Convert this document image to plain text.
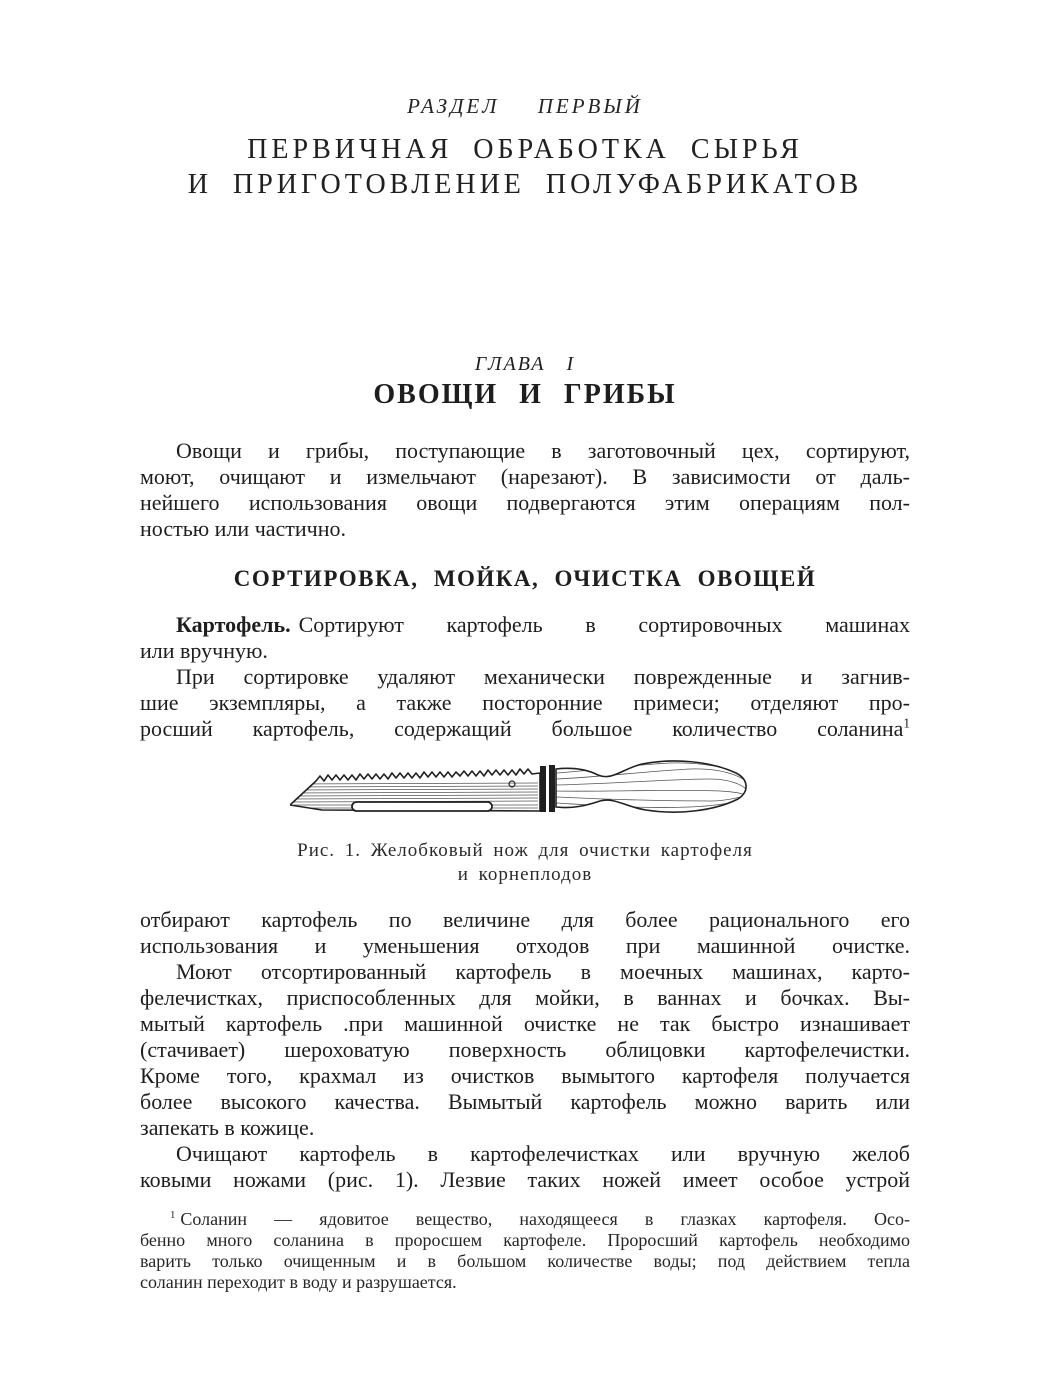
РАЗДЕЛ ПЕРВЫЙ
ПЕРВИЧНАЯ ОБРАБОТКА СЫРЬЯ
И ПРИГОТОВЛЕНИЕ ПОЛУФАБРИКАТОВ
ГЛАВА I
ОВОЩИ И ГРИБЫ
Овощи и грибы, поступающие в заготовочный цех, сортируют,
моют, очищают и измельчают (нарезают). В зависимости от даль-
нейшего использования овощи подвергаются этим операциям пол-
ностью или частично.
СОРТИРОВКА, МОЙКА, ОЧИСТКА ОВОЩЕЙ
Картофель. Сортируют картофель в сортировочных машинах
или вручную.
При сортировке удаляют механически поврежденные и загнив-
шие экземпляры, а также посторонние примеси; отделяют про-
росший картофель, содержащий большое количество соланина$^1$
Рис. 1. Желобковый нож для очистки картофеля
и корнеплодов
отбирают картофель по величине для более рационального его
использования и уменьшения отходов при машинной очистке.
Моют отсортированный картофель в моечных машинах, карто-
фелечистках, приспособленных для мойки, в ваннах и бочках. Вы-
мытый картофель .при машинной очистке не так быстро изнашивает
(стачивает) шероховатую поверхность облицовки картофелечистки.
Кроме того, крахмал из очистков вымытого картофеля получается
более высокого качества. Вымытый картофель можно варить или
запекать в кожице.
Очищают картофель в картофелечистках или вручную желоб
ковыми ножами (рис. 1). Лезвие таких ножей имеет особое устрой
$^1$ Соланин — ядовитое вещество, находящееся в глазках картофеля. Осо-
бенно много соланина в проросшем картофеле. Проросший картофель необходимо
варить только очищенным и в большом количестве воды; под действием тепла
соланин переходит в воду и разрушается.
